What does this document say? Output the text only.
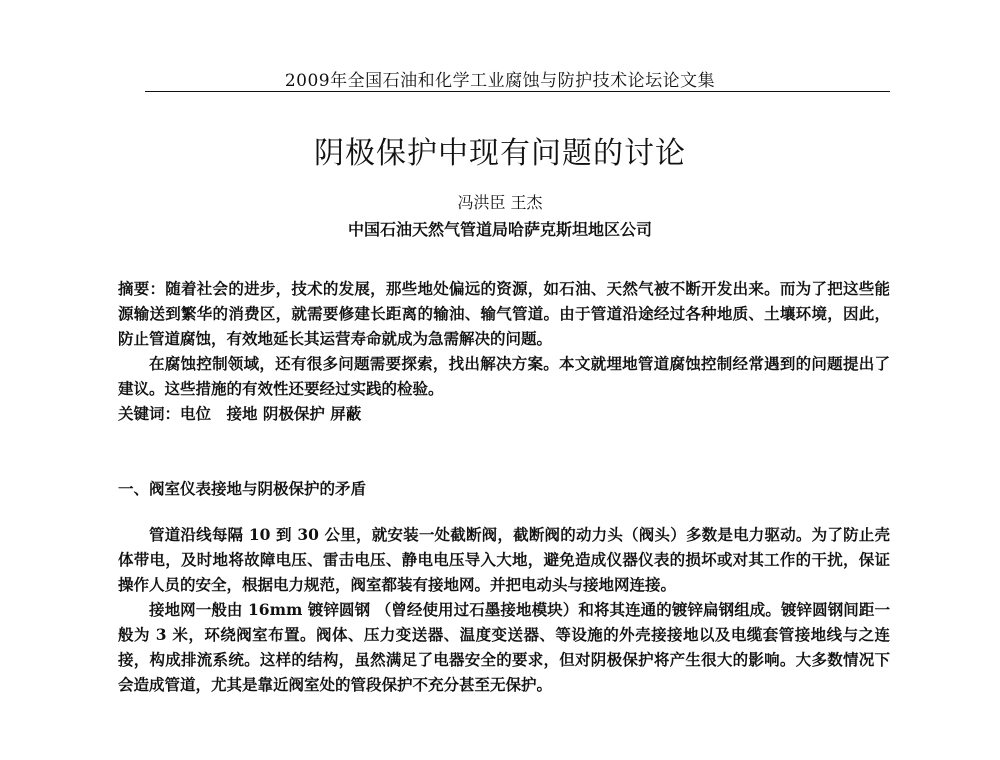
2009年全国石油和化学工业腐蚀与防护技术论坛论文集
阴极保护中现有问题的讨论
冯洪臣 王杰
中国石油天然气管道局哈萨克斯坦地区公司

摘要：随着社会的进步，技术的发展，那些地处偏远的资源，如石油、天然气被不断开发出来。而为了把这些能源输送到繁华的消费区，就需要修建长距离的输油、输气管道。由于管道沿途经过各种地质、土壤环境，因此，防止管道腐蚀，有效地延长其运营寿命就成为急需解决的问题。

在腐蚀控制领域，还有很多问题需要探索，找出解决方案。本文就埋地管道腐蚀控制经常遇到的问题提出了建议。这些措施的有效性还要经过实践的检验。

关键词：电位　接地 阴极保护 屏蔽

一、阀室仪表接地与阴极保护的矛盾

管道沿线每隔 10 到 30 公里，就安装一处截断阀，截断阀的动力头（阀头）多数是电力驱动。为了防止壳体带电，及时地将故障电压、雷击电压、静电电压导入大地，避免造成仪器仪表的损坏或对其工作的干扰，保证操作人员的安全，根据电力规范，阀室都装有接地网。并把电动头与接地网连接。

接地网一般由 16mm 镀锌圆钢 （曾经使用过石墨接地模块）和将其连通的镀锌扁钢组成。镀锌圆钢间距一般为 3 米，环绕阀室布置。阀体、压力变送器、温度变送器、等设施的外壳接接地以及电缆套管接地线与之连接，构成排流系统。这样的结构，虽然满足了电器安全的要求，但对阴极保护将产生很大的影响。大多数情况下会造成管道，尤其是靠近阀室处的管段保护不充分甚至无保护。
